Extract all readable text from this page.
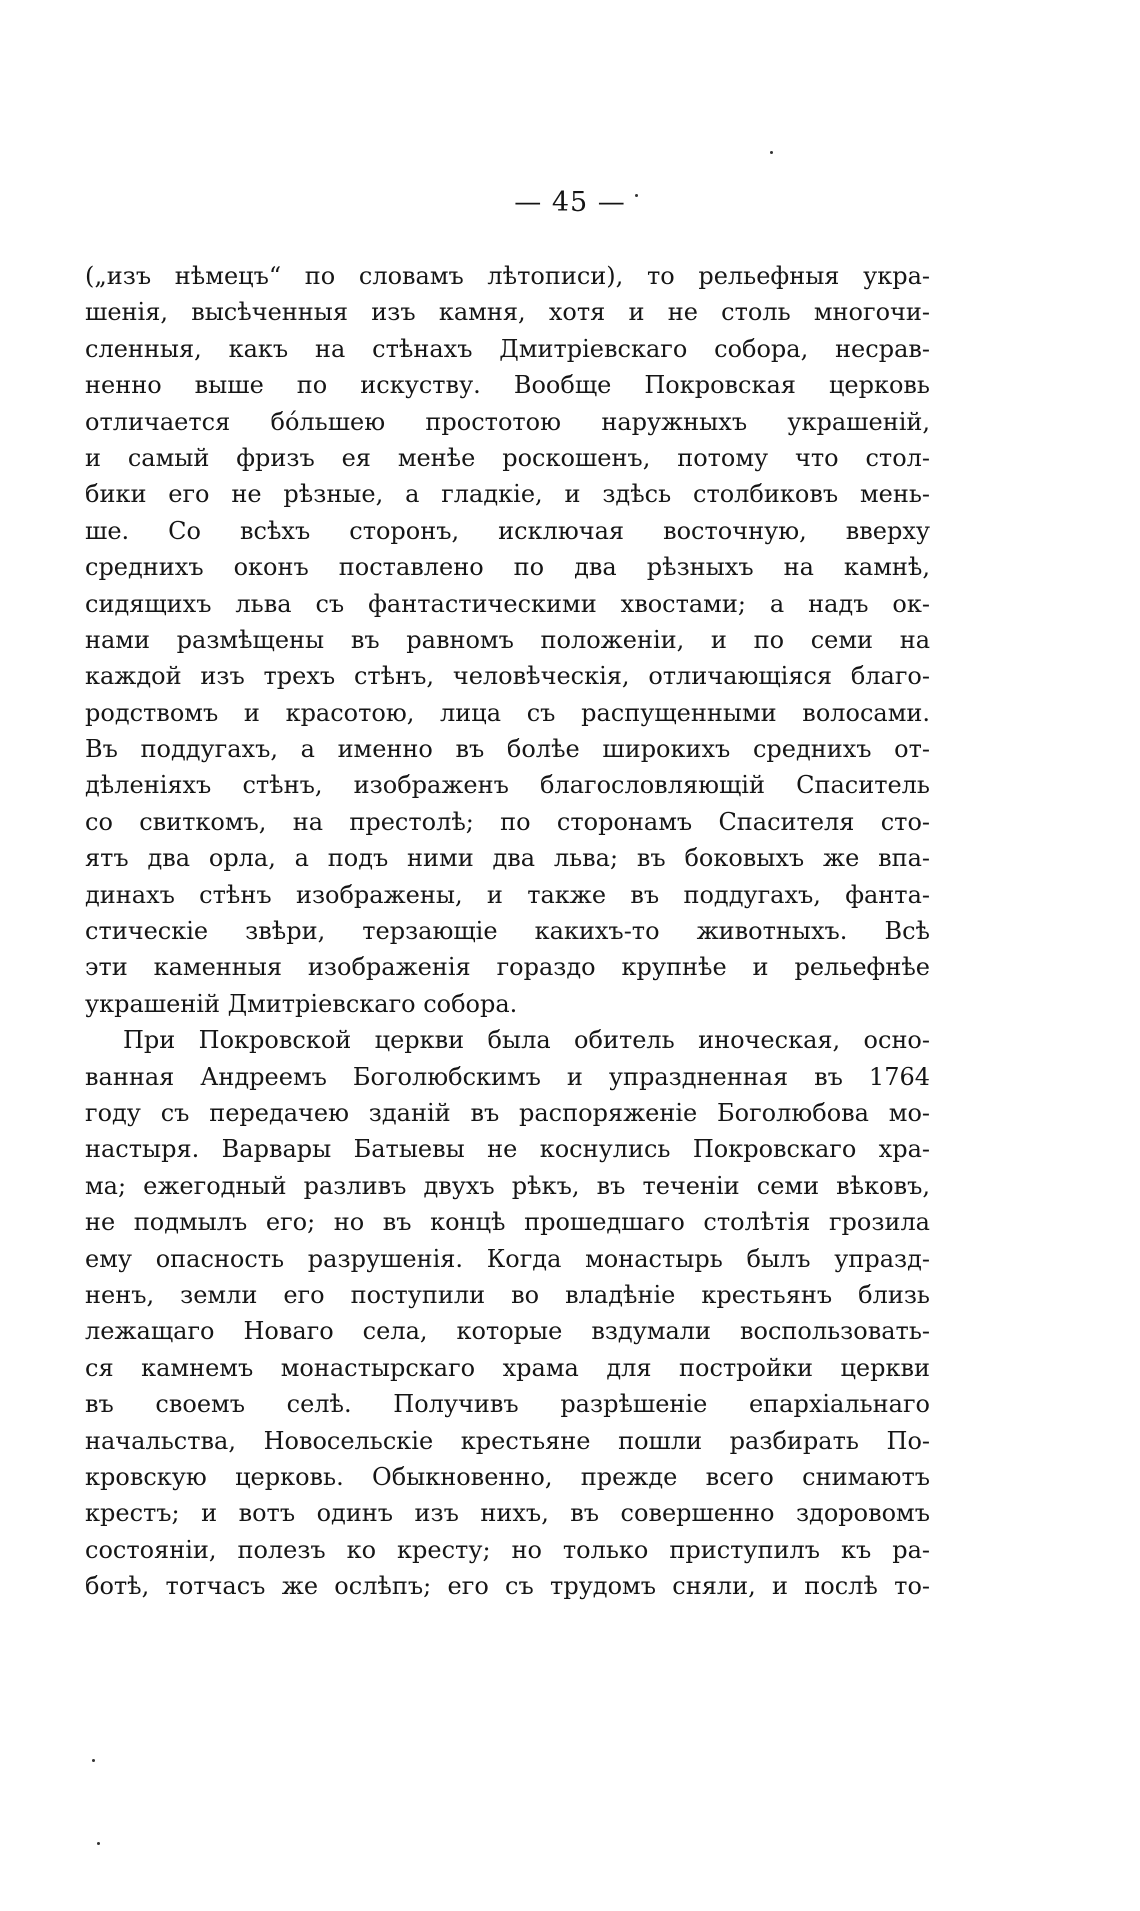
— 45 —
(„изъ нѣмецъ“ по словамъ лѣтописи), то рельефныя укра-
шенія, высѣченныя изъ камня, хотя и не столь многочи-
сленныя, какъ на стѣнахъ Дмитріевскаго собора, несрав-
ненно выше по искуству. Вообще Покровская церковь
отличается бо́льшею простотою наружныхъ украшеній,
и самый фризъ ея менѣе роскошенъ, потому что стол-
бики его не рѣзные, а гладкіе, и здѣсь столбиковъ мень-
ше. Со всѣхъ сторонъ, исключая восточную, вверху
среднихъ оконъ поставлено по два рѣзныхъ на камнѣ,
сидящихъ льва съ фантастическими хвостами; а надъ ок-
нами размѣщены въ равномъ положеніи, и по семи на
каждой изъ трехъ стѣнъ, человѣческія, отличающіяся благо-
родствомъ и красотою, лица съ распущенными волосами.
Въ поддугахъ, а именно въ болѣе широкихъ среднихъ от-
дѣленіяхъ стѣнъ, изображенъ благословляющій Спаситель
со свиткомъ, на престолѣ; по сторонамъ Спасителя сто-
ятъ два орла, а подъ ними два льва; въ боковыхъ же впа-
динахъ стѣнъ изображены, и также въ поддугахъ, фанта-
стическіе звѣри, терзающіе какихъ-то животныхъ. Всѣ
эти каменныя изображенія гораздо крупнѣе и рельефнѣе
украшеній Дмитріевскаго собора.
При Покровской церкви была обитель иноческая, осно-
ванная Андреемъ Боголюбскимъ и упраздненная въ 1764
году съ передачею зданій въ распоряженіе Боголюбова мо-
настыря. Варвары Батыевы не коснулись Покровскаго хра-
ма; ежегодный разливъ двухъ рѣкъ, въ теченіи семи вѣковъ,
не подмылъ его; но въ концѣ прошедшаго столѣтія грозила
ему опасность разрушенія. Когда монастырь былъ упразд-
ненъ, земли его поступили во владѣніе крестьянъ близь
лежащаго Новаго села, которые вздумали воспользовать-
ся камнемъ монастырскаго храма для постройки церкви
въ своемъ селѣ. Получивъ разрѣшеніе епархіальнаго
начальства, Новосельскіе крестьяне пошли разбирать По-
кровскую церковь. Обыкновенно, прежде всего снимаютъ
крестъ; и вотъ одинъ изъ нихъ, въ совершенно здоровомъ
состояніи, полезъ ко кресту; но только приступилъ къ ра-
ботѣ, тотчасъ же ослѣпъ; его съ трудомъ сняли, и послѣ то-
